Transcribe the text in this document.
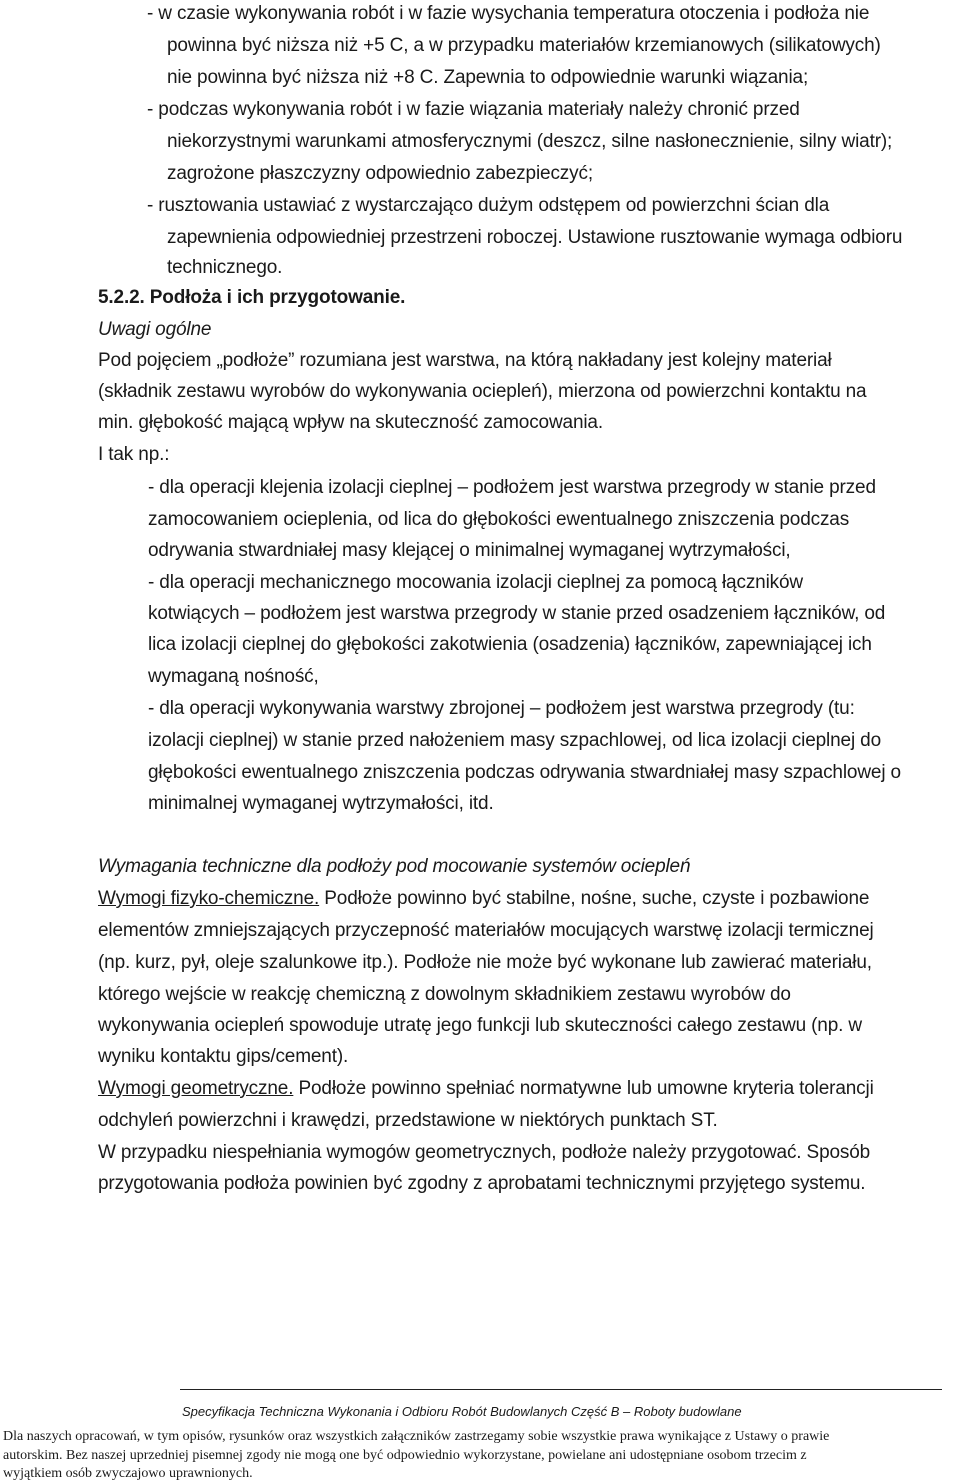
- w czasie wykonywania robót i w fazie wysychania temperatura otoczenia i podłoża nie
powinna być niższa niż +5 C, a w przypadku materiałów krzemianowych (silikatowych)
nie powinna być niższa niż +8 C. Zapewnia to odpowiednie warunki wiązania;
- podczas wykonywania robót i w fazie wiązania materiały należy chronić przed
niekorzystnymi warunkami atmosferycznymi (deszcz, silne nasłonecznienie, silny wiatr);
zagrożone płaszczyzny odpowiednio zabezpieczyć;
- rusztowania ustawiać z wystarczająco dużym odstępem od powierzchni ścian dla
zapewnienia odpowiedniej przestrzeni roboczej. Ustawione rusztowanie wymaga odbioru
technicznego.
5.2.2. Podłoża i ich przygotowanie.
Uwagi ogólne
Pod pojęciem „podłoże” rozumiana jest warstwa, na którą nakładany jest kolejny materiał
(składnik zestawu wyrobów do wykonywania ociepleń), mierzona od powierzchni kontaktu na
min. głębokość mającą wpływ na skuteczność zamocowania.
I tak np.:
- dla operacji klejenia izolacji cieplnej – podłożem jest warstwa przegrody w stanie przed
zamocowaniem ocieplenia, od lica do głębokości ewentualnego zniszczenia podczas
odrywania stwardniałej masy klejącej o minimalnej wymaganej wytrzymałości,
- dla operacji mechanicznego mocowania izolacji cieplnej za pomocą łączników
kotwiących – podłożem jest warstwa przegrody w stanie przed osadzeniem łączników, od
lica izolacji cieplnej do głębokości zakotwienia (osadzenia) łączników, zapewniającej ich
wymaganą nośność,
- dla operacji wykonywania warstwy zbrojonej – podłożem jest warstwa przegrody (tu:
izolacji cieplnej) w stanie przed nałożeniem masy szpachlowej, od lica izolacji cieplnej do
głębokości ewentualnego zniszczenia podczas odrywania stwardniałej masy szpachlowej o
minimalnej wymaganej wytrzymałości, itd.
Wymagania techniczne dla podłoży pod mocowanie systemów ociepleń
Wymogi fizyko-chemiczne. Podłoże powinno być stabilne, nośne, suche, czyste i pozbawione
elementów zmniejszających przyczepność materiałów mocujących warstwę izolacji termicznej
(np. kurz, pył, oleje szalunkowe itp.). Podłoże nie może być wykonane lub zawierać materiału,
którego wejście w reakcję chemiczną z dowolnym składnikiem zestawu wyrobów do
wykonywania ociepleń spowoduje utratę jego funkcji lub skuteczności całego zestawu (np. w
wyniku kontaktu gips/cement).
Wymogi geometryczne. Podłoże powinno spełniać normatywne lub umowne kryteria tolerancji
odchyleń powierzchni i krawędzi, przedstawione w niektórych punktach ST.
W przypadku niespełniania wymogów geometrycznych, podłoże należy przygotować. Sposób
przygotowania podłoża powinien być zgodny z aprobatami technicznymi przyjętego systemu.
Specyfikacja Techniczna Wykonania i Odbioru Robót Budowlanych Część B – Roboty budowlane
Dla naszych opracowań, w tym opisów, rysunków oraz wszystkich załączników zastrzegamy sobie wszystkie prawa wynikające z Ustawy o prawie
autorskim. Bez naszej uprzedniej pisemnej zgody nie mogą one być odpowiednio wykorzystane, powielane ani udostępniane osobom trzecim z
wyjątkiem osób zwyczajowo uprawnionych.
